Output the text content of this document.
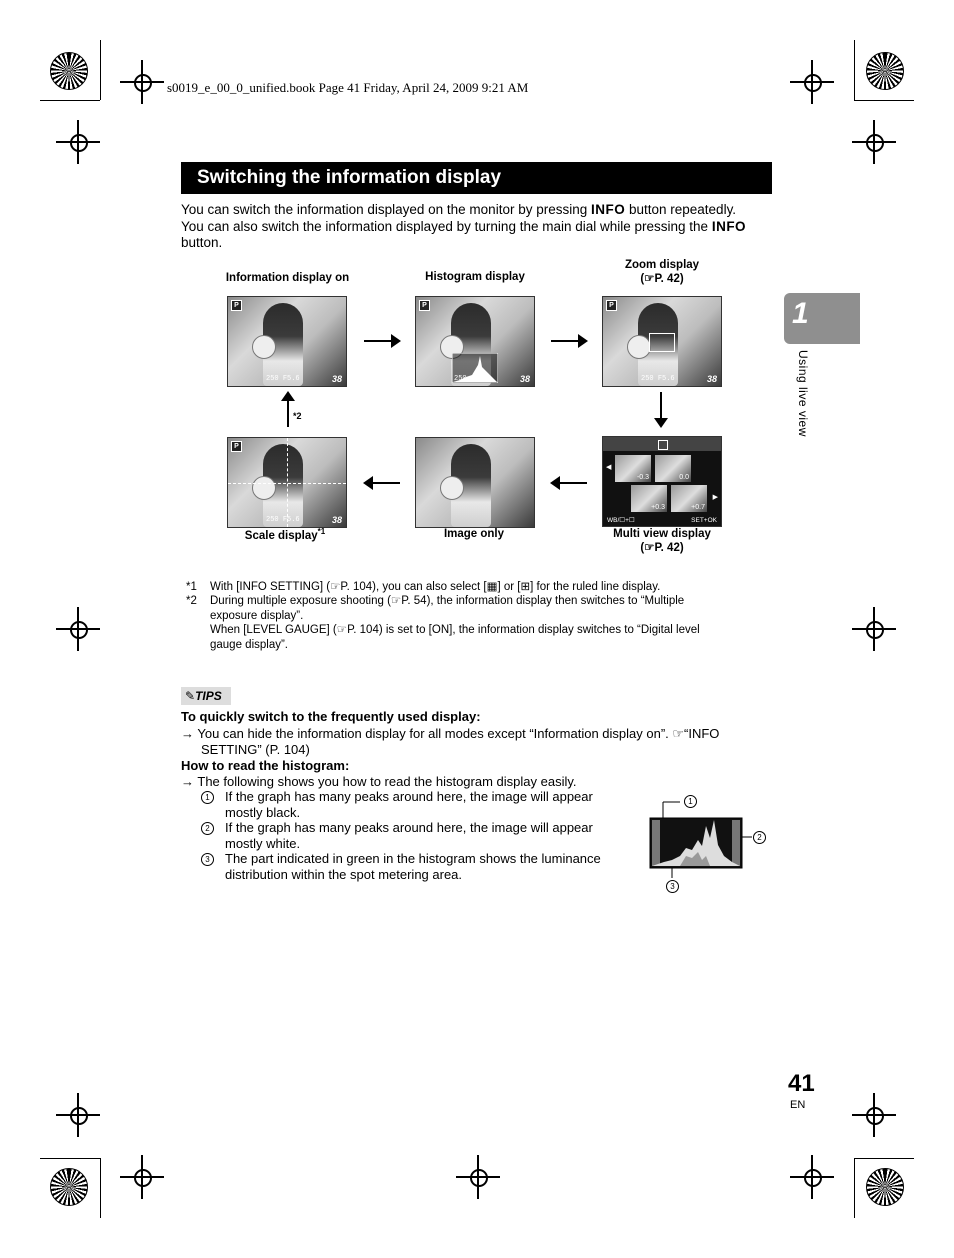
s0019_e_00_0_unified.book Page 41 Friday, April 24, 2009 9:21 AM
Switching the information display
You can switch the information displayed on the monitor by pressing INFO button repeatedly. You can also switch the information displayed by turning the main dial while pressing the INFO button.
Information display on	Histogram display
Zoom display
(☞P. 42)
P
250 F5.6	38
P
250 F5.6	38
P
250 F5.6	38
*2
P
250 F5.6	38
-0.3	0.0
+0.3	+0.7
◀
▶
WB/☐+☐	SET+OK
Scale display$^{*1}$	Image only	Multi view display
(☞P. 42)
*1 With [INFO SETTING] (☞P. 104), you can also select [▦] or [⊞] for the ruled line display.
*2 During multiple exposure shooting (☞P. 54), the information display then switches to “Multiple
exposure display”.
When [LEVEL GAUGE] (☞P. 104) is set to [ON], the information display switches to “Digital level
gauge display”.
✎TIPS
To quickly switch to the frequently used display:
→ You can hide the information display for all modes except “Information display on”. ☞“INFO
SETTING” (P. 104)
How to read the histogram:
→ The following shows you how to read the histogram display easily.
1	If the graph has many peaks around here, the image will appear
mostly black.
2	If the graph has many peaks around here, the image will appear
mostly white.
3	The part indicated in green in the histogram shows the luminance
distribution within the spot metering area.
1
2
3
1
Using live view
41
EN
